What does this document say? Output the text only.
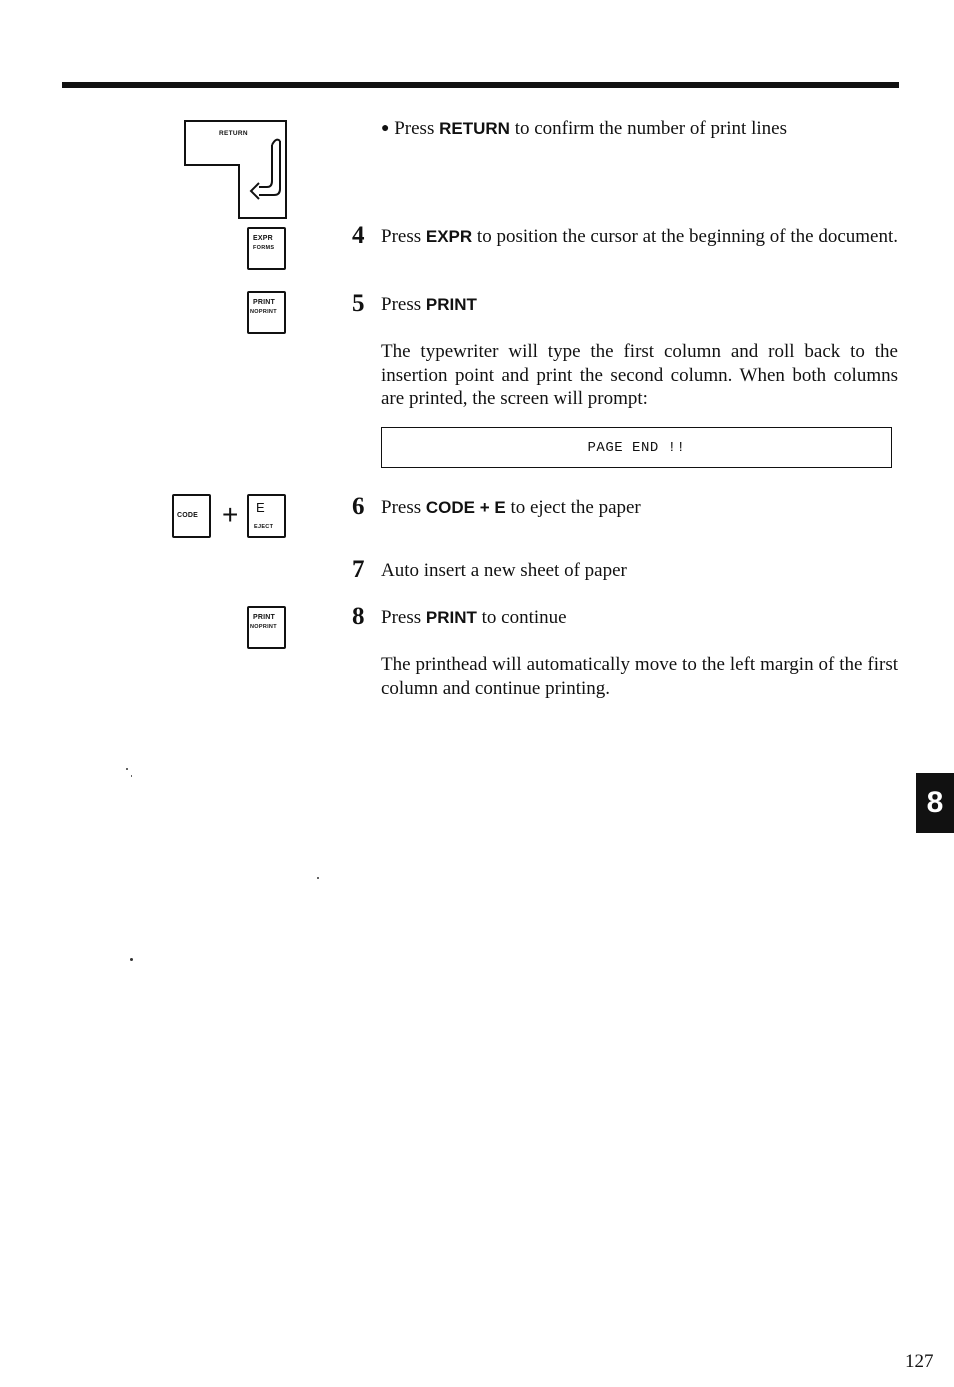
RETURN
EXPR
FORMS
PRINT
NOPRINT
CODE + E
EJECT
PRINT
NOPRINT
● Press RETURN to confirm the number of print lines
4 Press EXPR to position the cursor at the beginning of the document.
5 Press PRINT
The typewriter will type the first column and roll back to the insertion point and print the second column. When both columns are printed, the screen will prompt:
PAGE END !!
6 Press CODE + E to eject the paper
7 Auto insert a new sheet of paper
8 Press PRINT to continue
The printhead will automatically move to the left margin of the first column and continue printing.
8
127
